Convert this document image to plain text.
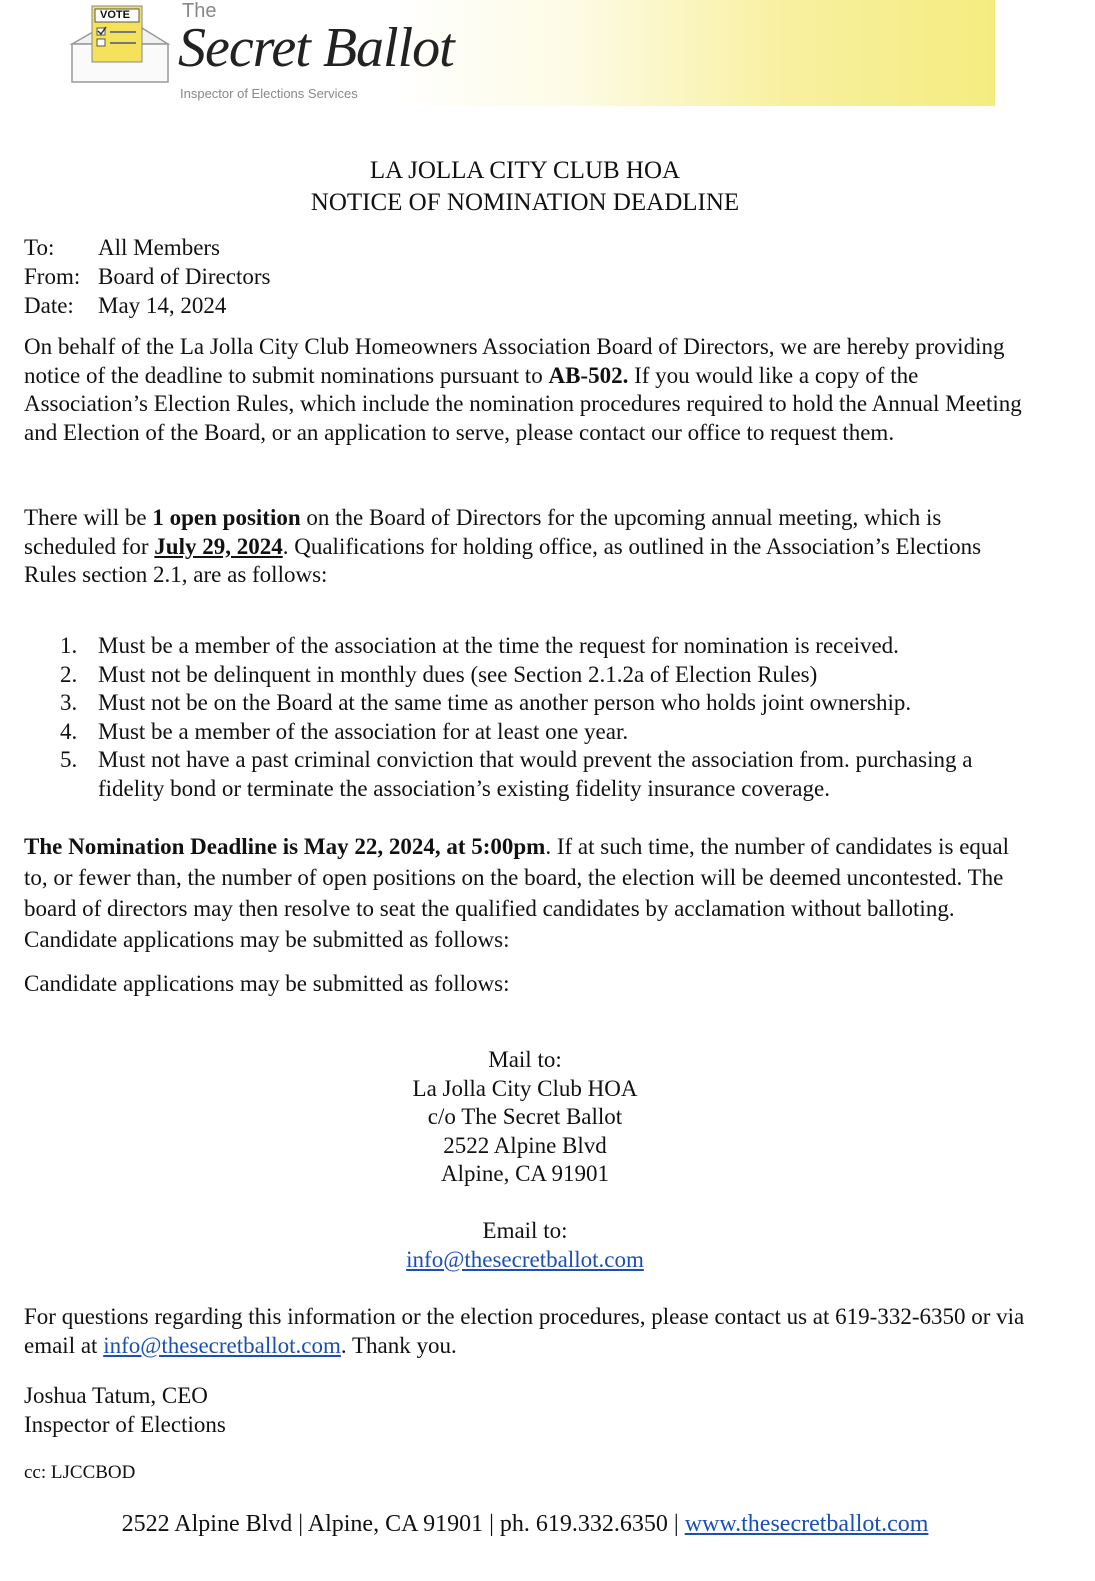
VOTE	The
Secret Ballot
Inspector of Elections Services
LA JOLLA CITY CLUB HOA
NOTICE OF NOMINATION DEADLINE
To: All Members
From: Board of Directors
Date: May 14, 2024

On behalf of the La Jolla City Club Homeowners Association Board of Directors, we are hereby providing notice of the deadline to submit nominations pursuant to AB-502. If you would like a copy of the Association’s Election Rules, which include the nomination procedures required to hold the Annual Meeting and Election of the Board, or an application to serve, please contact our office to request them.

There will be 1 open position on the Board of Directors for the upcoming annual meeting, which is scheduled for July 29, 2024. Qualifications for holding office, as outlined in the Association’s Elections Rules section 2.1, are as follows:

1. Must be a member of the association at the time the request for nomination is received.
2. Must not be delinquent in monthly dues (see Section 2.1.2a of Election Rules)
3. Must not be on the Board at the same time as another person who holds joint ownership.
4. Must be a member of the association for at least one year.
5. Must not have a past criminal conviction that would prevent the association from. purchasing a fidelity bond or terminate the association’s existing fidelity insurance coverage.

The Nomination Deadline is May 22, 2024, at 5:00pm. If at such time, the number of candidates is equal to, or fewer than, the number of open positions on the board, the election will be deemed uncontested. The board of directors may then resolve to seat the qualified candidates by acclamation without balloting. Candidate applications may be submitted as follows:

Candidate applications may be submitted as follows:

Mail to:
La Jolla City Club HOA
c/o The Secret Ballot
2522 Alpine Blvd
Alpine, CA 91901
Email to:
info@thesecretballot.com

For questions regarding this information or the election procedures, please contact us at 619-332-6350 or via email at info@thesecretballot.com. Thank you.

Joshua Tatum, CEO
Inspector of Elections
cc: LJCCBOD
2522 Alpine Blvd | Alpine, CA 91901 | ph. 619.332.6350 | www.thesecretballot.com
